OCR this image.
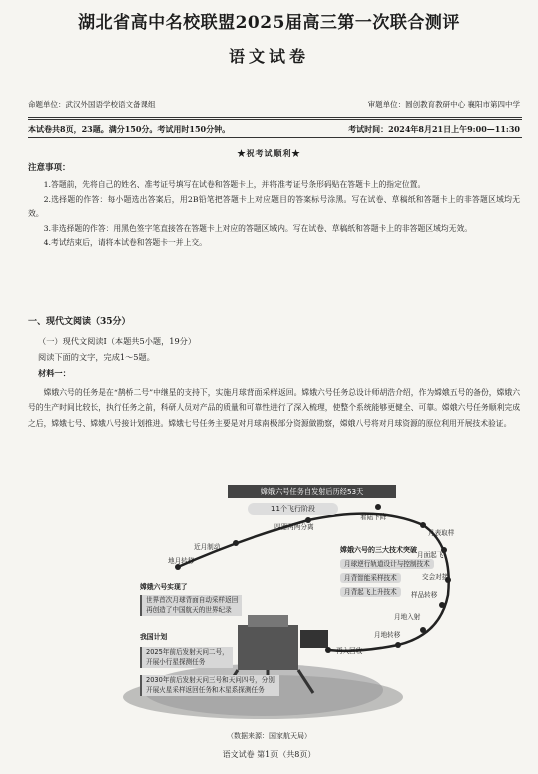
湖北省高中名校联盟2025届高三第一次联合测评
语文试卷
命题单位：武汉外国语学校语文备课组	审题单位：圆创教育教研中心 襄阳市第四中学
本试卷共8页，23题。满分150分。考试用时150分钟。	考试时间：2024年8月21日上午9:00—11:30
★祝考试顺利★
注意事项：

1.答题前，先将自己的姓名、准考证号填写在试卷和答题卡上，并将准考证号条形码贴在答题卡上的指定位置。

2.选择题的作答：每小题选出答案后，用2B铅笔把答题卡上对应题目的答案标号涂黑。写在试卷、草稿纸和答题卡上的非答题区域均无效。

3.非选择题的作答：用黑色签字笔直接答在答题卡上对应的答题区域内。写在试卷、草稿纸和答题卡上的非答题区域均无效。

4.考试结束后，请将本试卷和答题卡一并上交。

一、现代文阅读（35分）
（一）现代文阅读Ⅰ（本题共5小题，19分）
阅读下面的文字，完成1～5题。
材料一：

嫦娥六号的任务是在“鹊桥二号”中继星的支持下，实施月球背面采样返回。嫦娥六号任务总设计师胡浩介绍，作为嫦娥五号的备份，嫦娥六号的生产时间比较长，执行任务之前，科研人员对产品的质量和可靠性进行了深入梳理，使整个系统能够更健全、可靠。嫦娥六号任务顺利完成之后，嫦娥七号、嫦娥八号接计划推进。嫦娥七号任务主要是对月球南极部分资源做勘察，嫦娥八号将对月球资源的原位利用开展技术验证。

嫦娥六号任务自发射后历经53天
11个飞行阶段
四器两两分离
着陆下降
月表取样
近月制动
月面起飞
地月转移
交会对接
样品转移
月地入射
月地转移
再入回收
嫦娥六号的三大技术突破
月球逆行轨道设计与控制技术
月背智能采样技术
月背起飞上升技术
嫦娥六号实现了
世界首次月球背面自动采样返回
再创造了中国航天的世界纪录
我国计划
2025年前后发射天问二号，
开展小行星探测任务
2030年前后发射天问三号和天问四号，分别
开展火星采样返回任务和木星系探测任务
（数据来源：国家航天局）
语文试卷 第1页（共8页）
